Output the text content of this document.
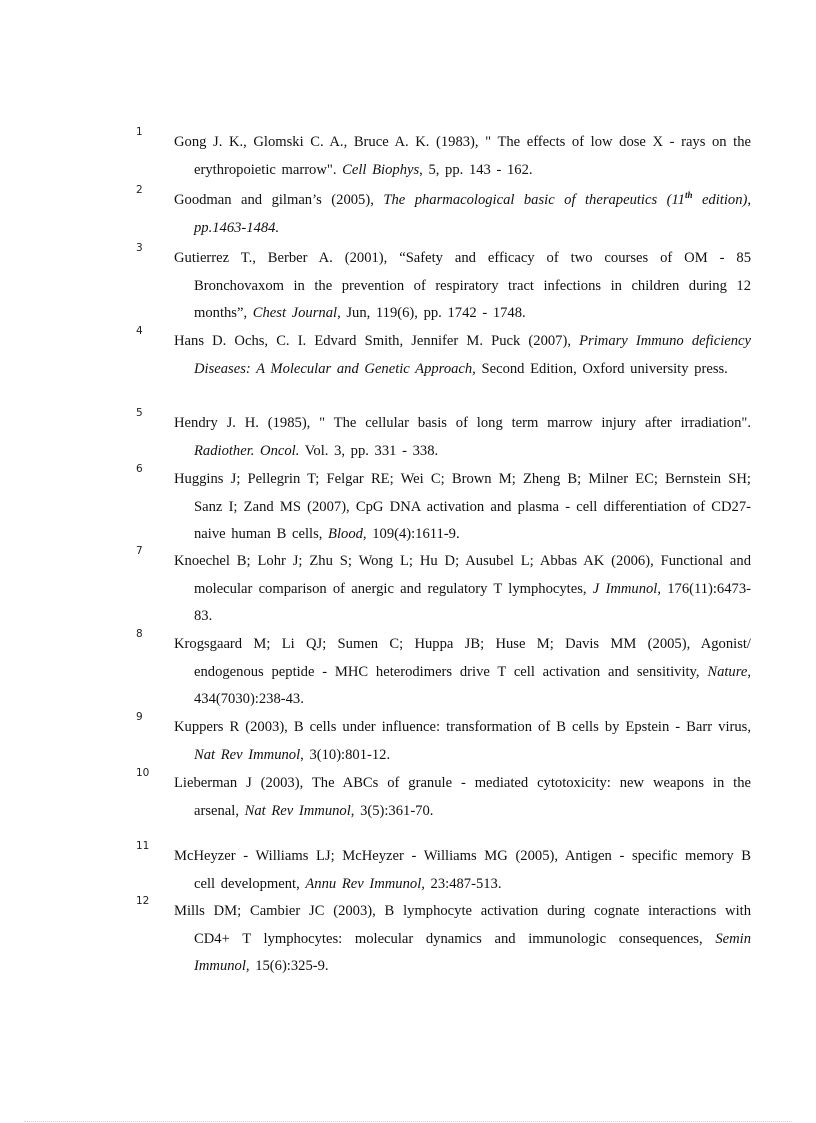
1
Gong J. K., Glomski C. A., Bruce A. K. (1983), " The effects of low dose X - rays on the erythropoietic marrow". Cell Biophys, 5, pp. 143 - 162.
2
Goodman and gilman’s (2005), The pharmacological basic of therapeutics (11th edition), pp.1463-1484.
3
Gutierrez T., Berber A. (2001), “Safety and efficacy of two courses of OM - 85 Bronchovaxom in the prevention of respiratory tract infections in children during 12 months”, Chest Journal, Jun, 119(6), pp. 1742 - 1748.
4
Hans D. Ochs, C. I. Edvard Smith, Jennifer M. Puck (2007), Primary Immuno deficiency Diseases: A Molecular and Genetic Approach, Second Edition, Oxford university press.
5
Hendry J. H. (1985), " The cellular basis of long term marrow injury after irradiation". Radiother. Oncol. Vol. 3, pp. 331 - 338.
6
Huggins J; Pellegrin T; Felgar RE; Wei C; Brown M; Zheng B; Milner EC; Bernstein SH; Sanz I; Zand MS (2007), CpG DNA activation and plasma - cell differentiation of CD27- naive human B cells, Blood, 109(4):1611-9.
7
Knoechel B; Lohr J; Zhu S; Wong L; Hu D; Ausubel L; Abbas AK (2006), Functional and molecular comparison of anergic and regulatory T lymphocytes, J Immunol, 176(11):6473-83.
8
Krogsgaard M; Li QJ; Sumen C; Huppa JB; Huse M; Davis MM (2005), Agonist/ endogenous peptide - MHC heterodimers drive T cell activation and sensitivity, Nature, 434(7030):238-43.
9
Kuppers R (2003), B cells under influence: transformation of B cells by Epstein - Barr virus, Nat Rev Immunol, 3(10):801-12.
10
Lieberman J (2003), The ABCs of granule - mediated cytotoxicity: new weapons in the arsenal, Nat Rev Immunol, 3(5):361-70.
11
McHeyzer - Williams LJ; McHeyzer - Williams MG (2005), Antigen - specific memory B cell development, Annu Rev Immunol, 23:487-513.
12
Mills DM; Cambier JC (2003), B lymphocyte activation during cognate interactions with CD4+ T lymphocytes: molecular dynamics and immunologic consequences, Semin Immunol, 15(6):325-9.
